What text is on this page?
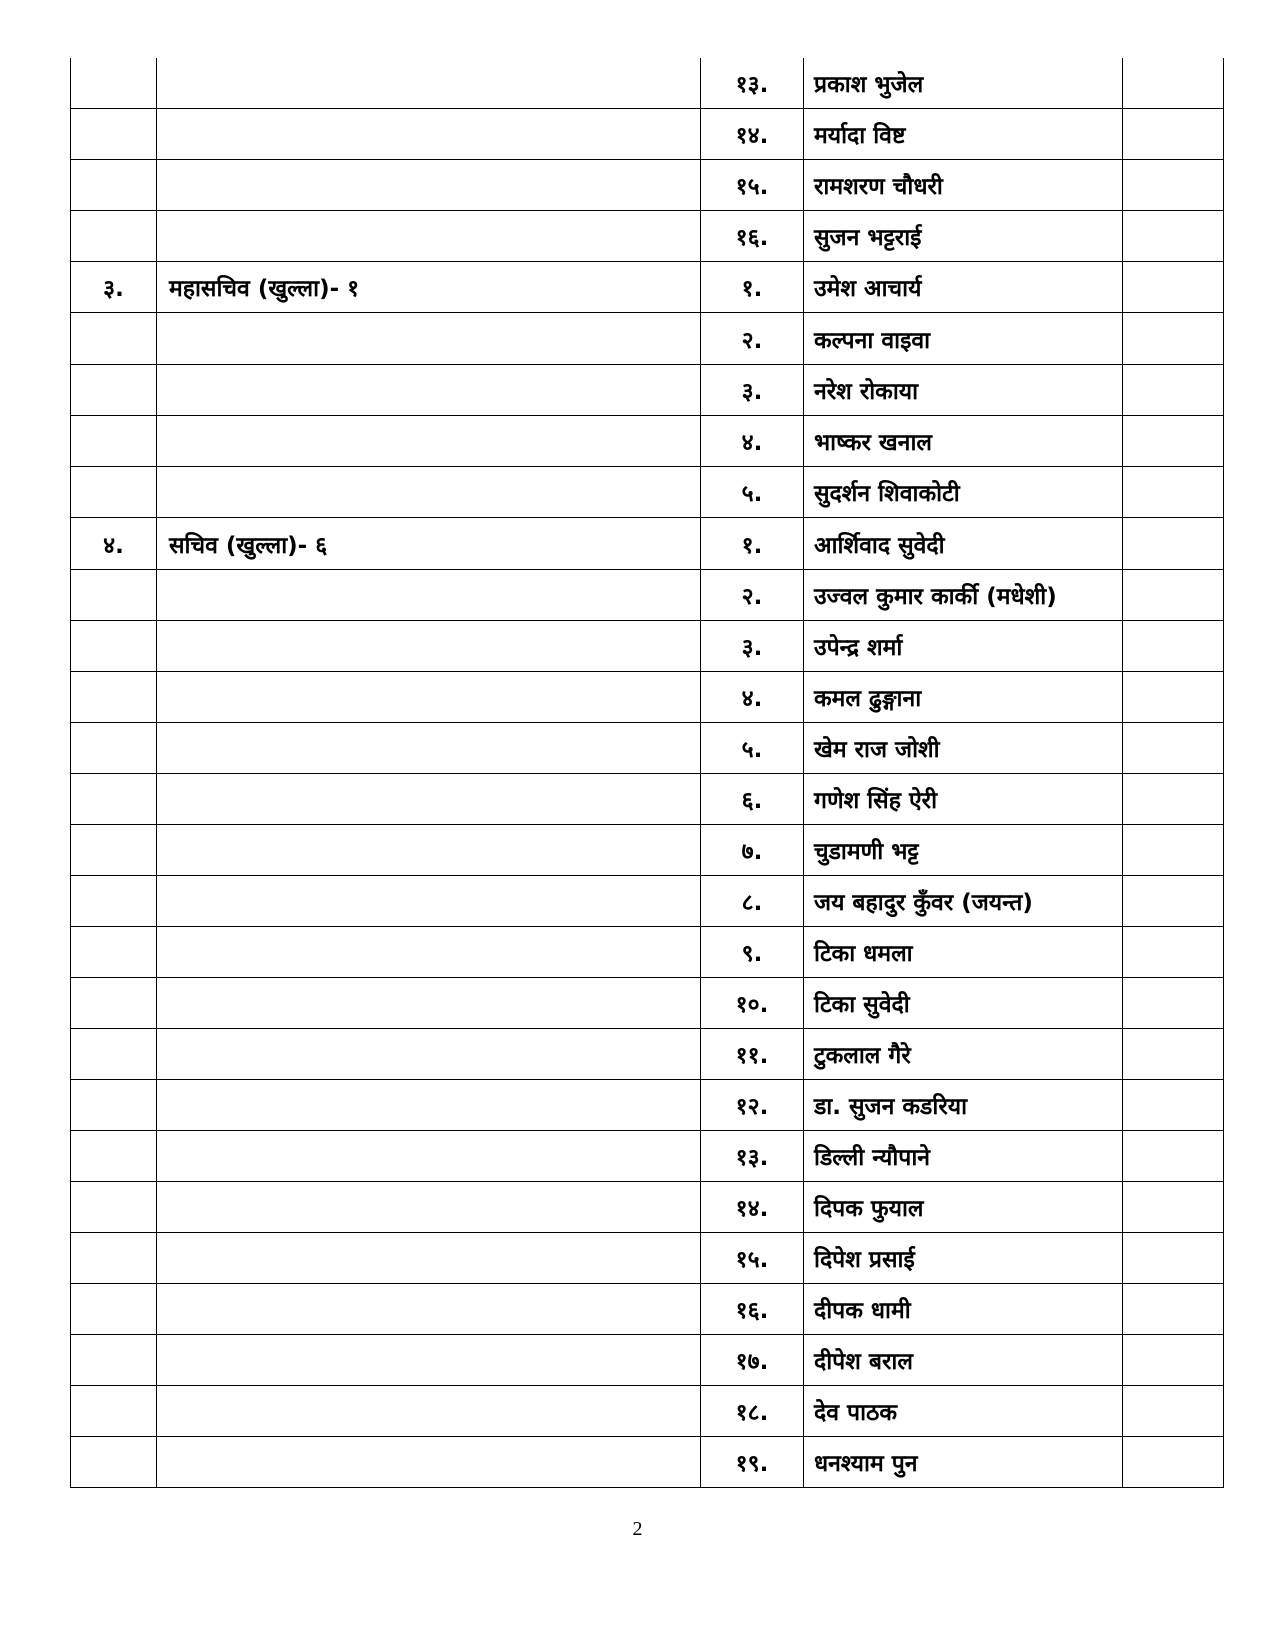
		१३.	प्रकाश भुजेल	
		१४.	मर्यादा विष्ट	
		१५.	रामशरण चौधरी	
		१६.	सुजन भट्टराई	
३.	महासचिव (खुल्ला)- १	१.	उमेश आचार्य	
		२.	कल्पना वाइवा	
		३.	नरेश रोकाया	
		४.	भाष्कर खनाल	
		५.	सुदर्शन शिवाकोटी	
४.	सचिव (खुल्ला)- ६	१.	आर्शिवाद सुवेदी	
		२.	उज्वल कुमार कार्की (मधेशी)	
		३.	उपेन्द्र शर्मा	
		४.	कमल ढुङ्गाना	
		५.	खेम राज जोशी	
		६.	गणेश सिंह ऐरी	
		७.	चुडामणी भट्ट	
		८.	जय बहादुर कुँवर (जयन्त)	
		९.	टिका धमला	
		१०.	टिका सुवेदी	
		११.	टुकलाल गैरे	
		१२.	डा. सुजन कडरिया	
		१३.	डिल्ली न्यौपाने	
		१४.	दिपक फुयाल	
		१५.	दिपेश प्रसाई	
		१६.	दीपक धामी	
		१७.	दीपेश बराल	
		१८.	देव पाठक	
		१९.	धनश्याम पुन	
2
